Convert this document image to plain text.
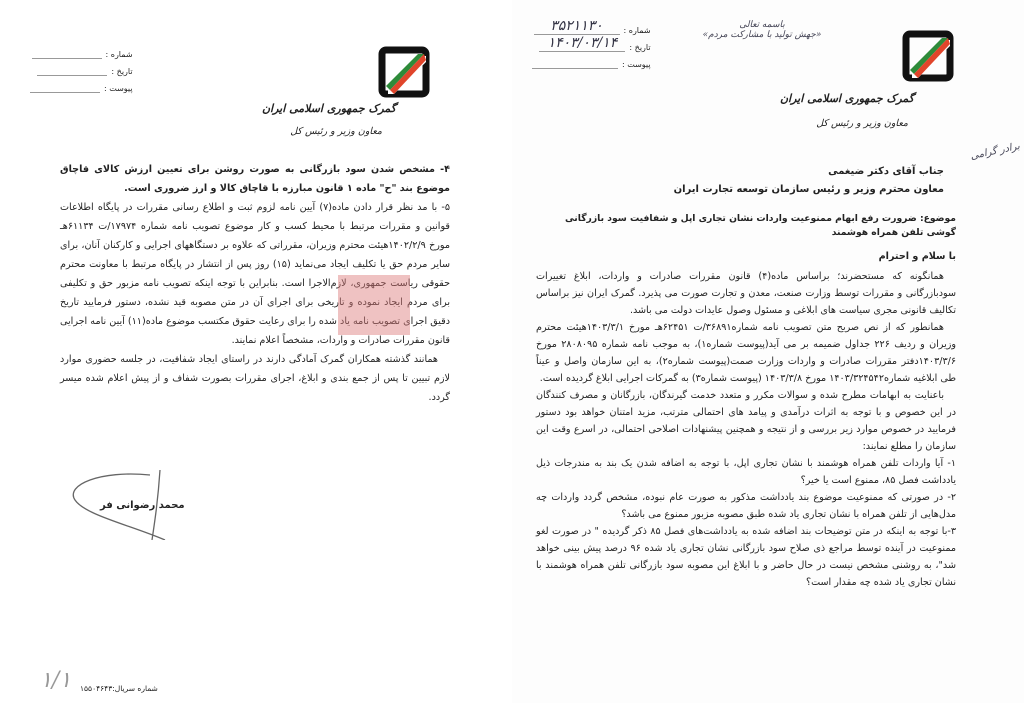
شماره :
تاریخ :
پیوست :
گمرک جمهوری اسلامی ایران
معاون وزیر و رئیس کل

۴- مشخص شدن سود بازرگانی به صورت روشن برای تعیین ارزش کالای قاچاق موضوع بند "ح" ماده ۱ قانون مبارزه با قاچاق کالا و ارز ضروری است.

۵- با مد نظر قرار دادن ماده(۷) آیین نامه لزوم ثبت و اطلاع رسانی مقررات در پایگاه اطلاعات قوانین و مقررات مرتبط با محیط کسب و کار موضوع تصویب نامه شماره ۱۷۹۷۴/ت ۶۱۱۳۴هـ مورخ ۱۴۰۲/۲/۹هیئت محترم وزیران، مقرراتی که علاوه بر دستگاههای اجرایی و کارکنان آنان، برای سایر مردم حق یا تکلیف ایجاد می‌نماید (۱۵) روز پس از انتشار در پایگاه مرتبط با معاونت محترم حقوقی ریاست جمهوری، لازم‌الاجرا است. بنابراین با توجه اینکه تصویب نامه مزبور حق و تکلیفی برای مردم ایجاد نموده و تاریخی برای اجرای آن در متن مصوبه قید نشده، دستور فرمایید تاریخ دقیق اجرای تصویب نامه یاد شده را برای رعایت حقوق مکتسب موضوع ماده(۱۱) آیین نامه اجرایی قانون مقررات صادرات و واردات، مشخصاً اعلام نمایند.

همانند گذشته همکاران گمرک آمادگی دارند در راستای ایجاد شفافیت، در جلسه حضوری موارد لازم تبیین تا پس از جمع بندی و ابلاغ، اجرای مقررات بصورت شفاف و از پیش اعلام شده میسر گردد.

محمد رضوانی فر
۱/۱ شماره سریال:۱۵۵۰۴۶۴۳
شماره :
۳۵۲۱۱۳۰
تاریخ :
۱۴۰۳/۰۳/۱۴
پیوست :
باسمه تعالی
«جهش تولید با مشارکت مردم»
گمرک جمهوری اسلامی ایران
معاون وزیر و رئیس کل
برادر گرامی
جناب آقای دکتر ضیغمی
معاون محترم وزیر و رئیس سازمان توسعه تجارت ایران
موضوع: ضرورت رفع ابهام ممنوعیت واردات نشان تجاری اپل و شفافیت سود بازرگانی گوشی تلفن همراه هوشمند
با سلام و احترام

همانگونه که مستحضرند؛ براساس ماده(۴) قانون مقررات صادرات و واردات، ابلاغ تغییرات سودبازرگانی و مقررات توسط وزارت صنعت، معدن و تجارت صورت می پذیرد. گمرک ایران نیز براساس تکالیف قانونی مجری سیاست های ابلاغی و مسئول وصول عایدات دولت می باشد.

همانطور که از نص صریح متن تصویب نامه شماره۳۶۸۹۱/ت ۶۲۴۵۱هـ مورخ ۱۴۰۳/۳/۱هیئت محترم وزیران و ردیف ۲۲۶ جداول ضمیمه بر می آید(پیوست شماره۱)، به موجب نامه شماره ۲۸۰۸۰۹۵ مورخ ۱۴۰۳/۳/۶دفتر مقررات صادرات و واردات وزارت صمت(پیوست شماره۲)، به این سازمان واصل و عیناً طی ابلاغیه شماره۱۴۰۳/۳۲۴۵۴۲ مورخ ۱۴۰۳/۳/۸ (پیوست شماره۳) به گمرکات اجرایی ابلاغ گردیده است.

باعنایت به ابهامات مطرح شده و سوالات مکرر و متعدد خدمت گیرندگان، بازرگانان و مصرف کنندگان در این خصوص و با توجه به اثرات درآمدی و پیامد های احتمالی مترتب، مزید امتنان خواهد بود دستور فرمایید در خصوص موارد زیر بررسی و از نتیجه و همچنین پیشنهادات اصلاحی احتمالی، در اسرع وقت این سازمان را مطلع نمایند:

۱- آیا واردات تلفن همراه هوشمند با نشان تجاری اپل، با توجه به اضافه شدن یک بند به مندرجات ذیل یادداشت فصل ۸۵، ممنوع است یا خیر؟

۲- در صورتی که ممنوعیت موضوع بند یادداشت مذکور به صورت عام نبوده، مشخص گردد واردات چه مدل‌هایی از تلفن همراه با نشان تجاری یاد شده طبق مصوبه مزبور ممنوع می باشد؟

۳-با توجه به اینکه در متن توضیحات بند اضافه شده به یادداشت‌های فصل ۸۵ ذکر گردیده " در صورت لغو ممنوعیت در آینده توسط مراجع ذی صلاح سود بازرگانی نشان تجاری یاد شده ۹۶ درصد پیش بینی خواهد شد"، به روشنی مشخص نیست در حال حاضر و با ابلاغ این مصوبه سود بازرگانی تلفن همراه هوشمند با نشان تجاری یاد شده چه مقدار است؟
